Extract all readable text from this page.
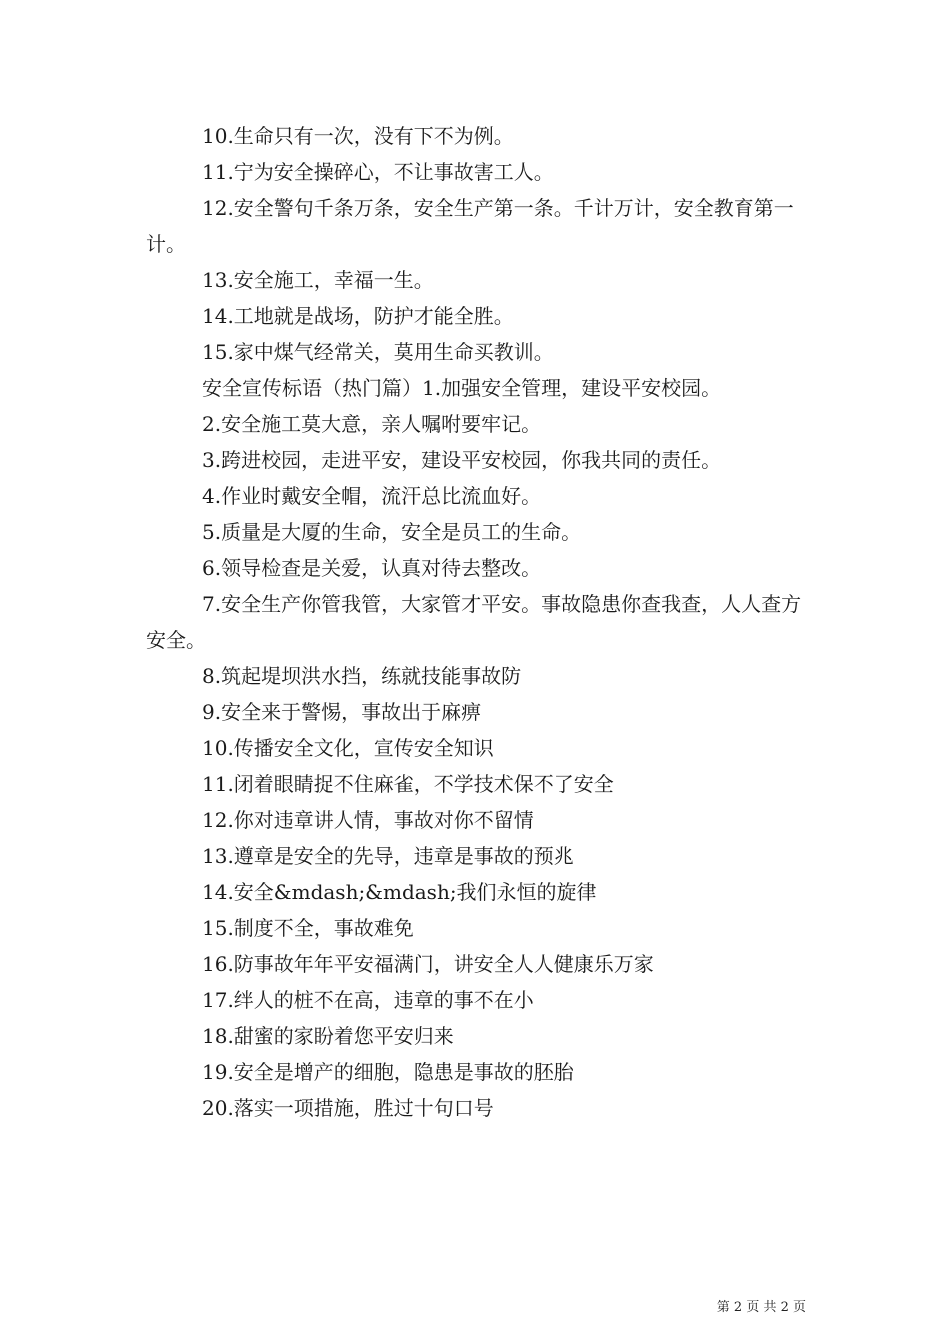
10.生命只有一次，没有下不为例。

11.宁为安全操碎心，不让事故害工人。

12.安全警句千条万条，安全生产第一条。千计万计，安全教育第一计。

13.安全施工，幸福一生。

14.工地就是战场，防护才能全胜。

15.家中煤气经常关，莫用生命买教训。

安全宣传标语（热门篇）1.加强安全管理，建设平安校园。

2.安全施工莫大意，亲人嘱咐要牢记。

3.跨进校园，走进平安，建设平安校园，你我共同的责任。

4.作业时戴安全帽，流汗总比流血好。

5.质量是大厦的生命，安全是员工的生命。

6.领导检查是关爱，认真对待去整改。

7.安全生产你管我管，大家管才平安。事故隐患你查我查，人人查方安全。

8.筑起堤坝洪水挡，练就技能事故防

9.安全来于警惕，事故出于麻痹

10.传播安全文化，宣传安全知识

11.闭着眼睛捉不住麻雀，不学技术保不了安全

12.你对违章讲人情，事故对你不留情

13.遵章是安全的先导，违章是事故的预兆

14.安全&mdash;&mdash;我们永恒的旋律

15.制度不全，事故难免

16.防事故年年平安福满门，讲安全人人健康乐万家

17.绊人的桩不在高，违章的事不在小

18.甜蜜的家盼着您平安归来

19.安全是增产的细胞，隐患是事故的胚胎

20.落实一项措施，胜过十句口号

第 2 页 共 2 页
